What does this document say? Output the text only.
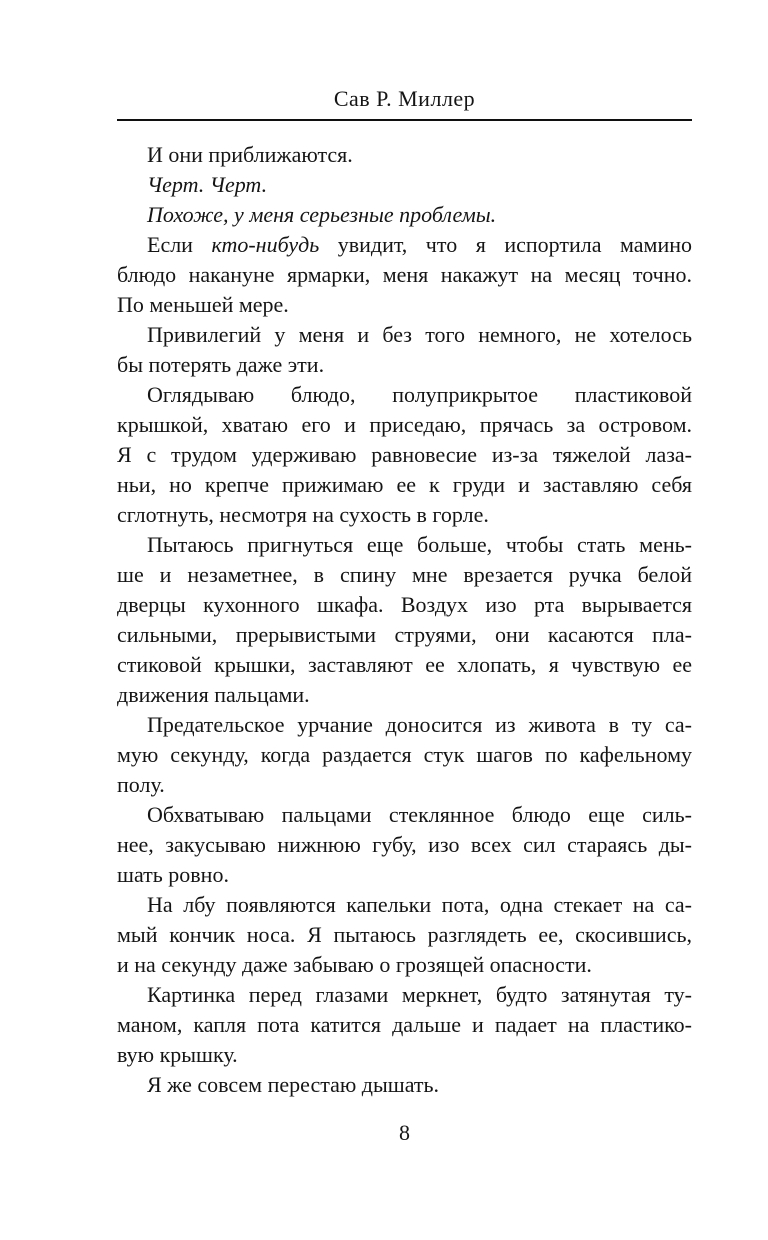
Сав Р. Миллер
И они приближаются.
Черт. Черт.
Похоже, у меня серьезные проблемы.
Если кто-нибудь увидит, что я испортила мамино
блюдо накануне ярмарки, меня накажут на месяц точно.
По меньшей мере.
Привилегий у меня и без того немного, не хотелось
бы потерять даже эти.
Оглядываю блюдо, полуприкрытое пластиковой
крышкой, хватаю его и приседаю, прячась за островом.
Я с трудом удерживаю равновесие из-за тяжелой лаза-
ньи, но крепче прижимаю ее к груди и заставляю себя
сглотнуть, несмотря на сухость в горле.
Пытаюсь пригнуться еще больше, чтобы стать мень-
ше и незаметнее, в спину мне врезается ручка белой
дверцы кухонного шкафа. Воздух изо рта вырывается
сильными, прерывистыми струями, они касаются пла-
стиковой крышки, заставляют ее хлопать, я чувствую ее
движения пальцами.
Предательское урчание доносится из живота в ту са-
мую секунду, когда раздается стук шагов по кафельному
полу.
Обхватываю пальцами стеклянное блюдо еще силь-
нее, закусываю нижнюю губу, изо всех сил стараясь ды-
шать ровно.
На лбу появляются капельки пота, одна стекает на са-
мый кончик носа. Я пытаюсь разглядеть ее, скосившись,
и на секунду даже забываю о грозящей опасности.
Картинка перед глазами меркнет, будто затянутая ту-
маном, капля пота катится дальше и падает на пластико-
вую крышку.
Я же совсем перестаю дышать.
8
